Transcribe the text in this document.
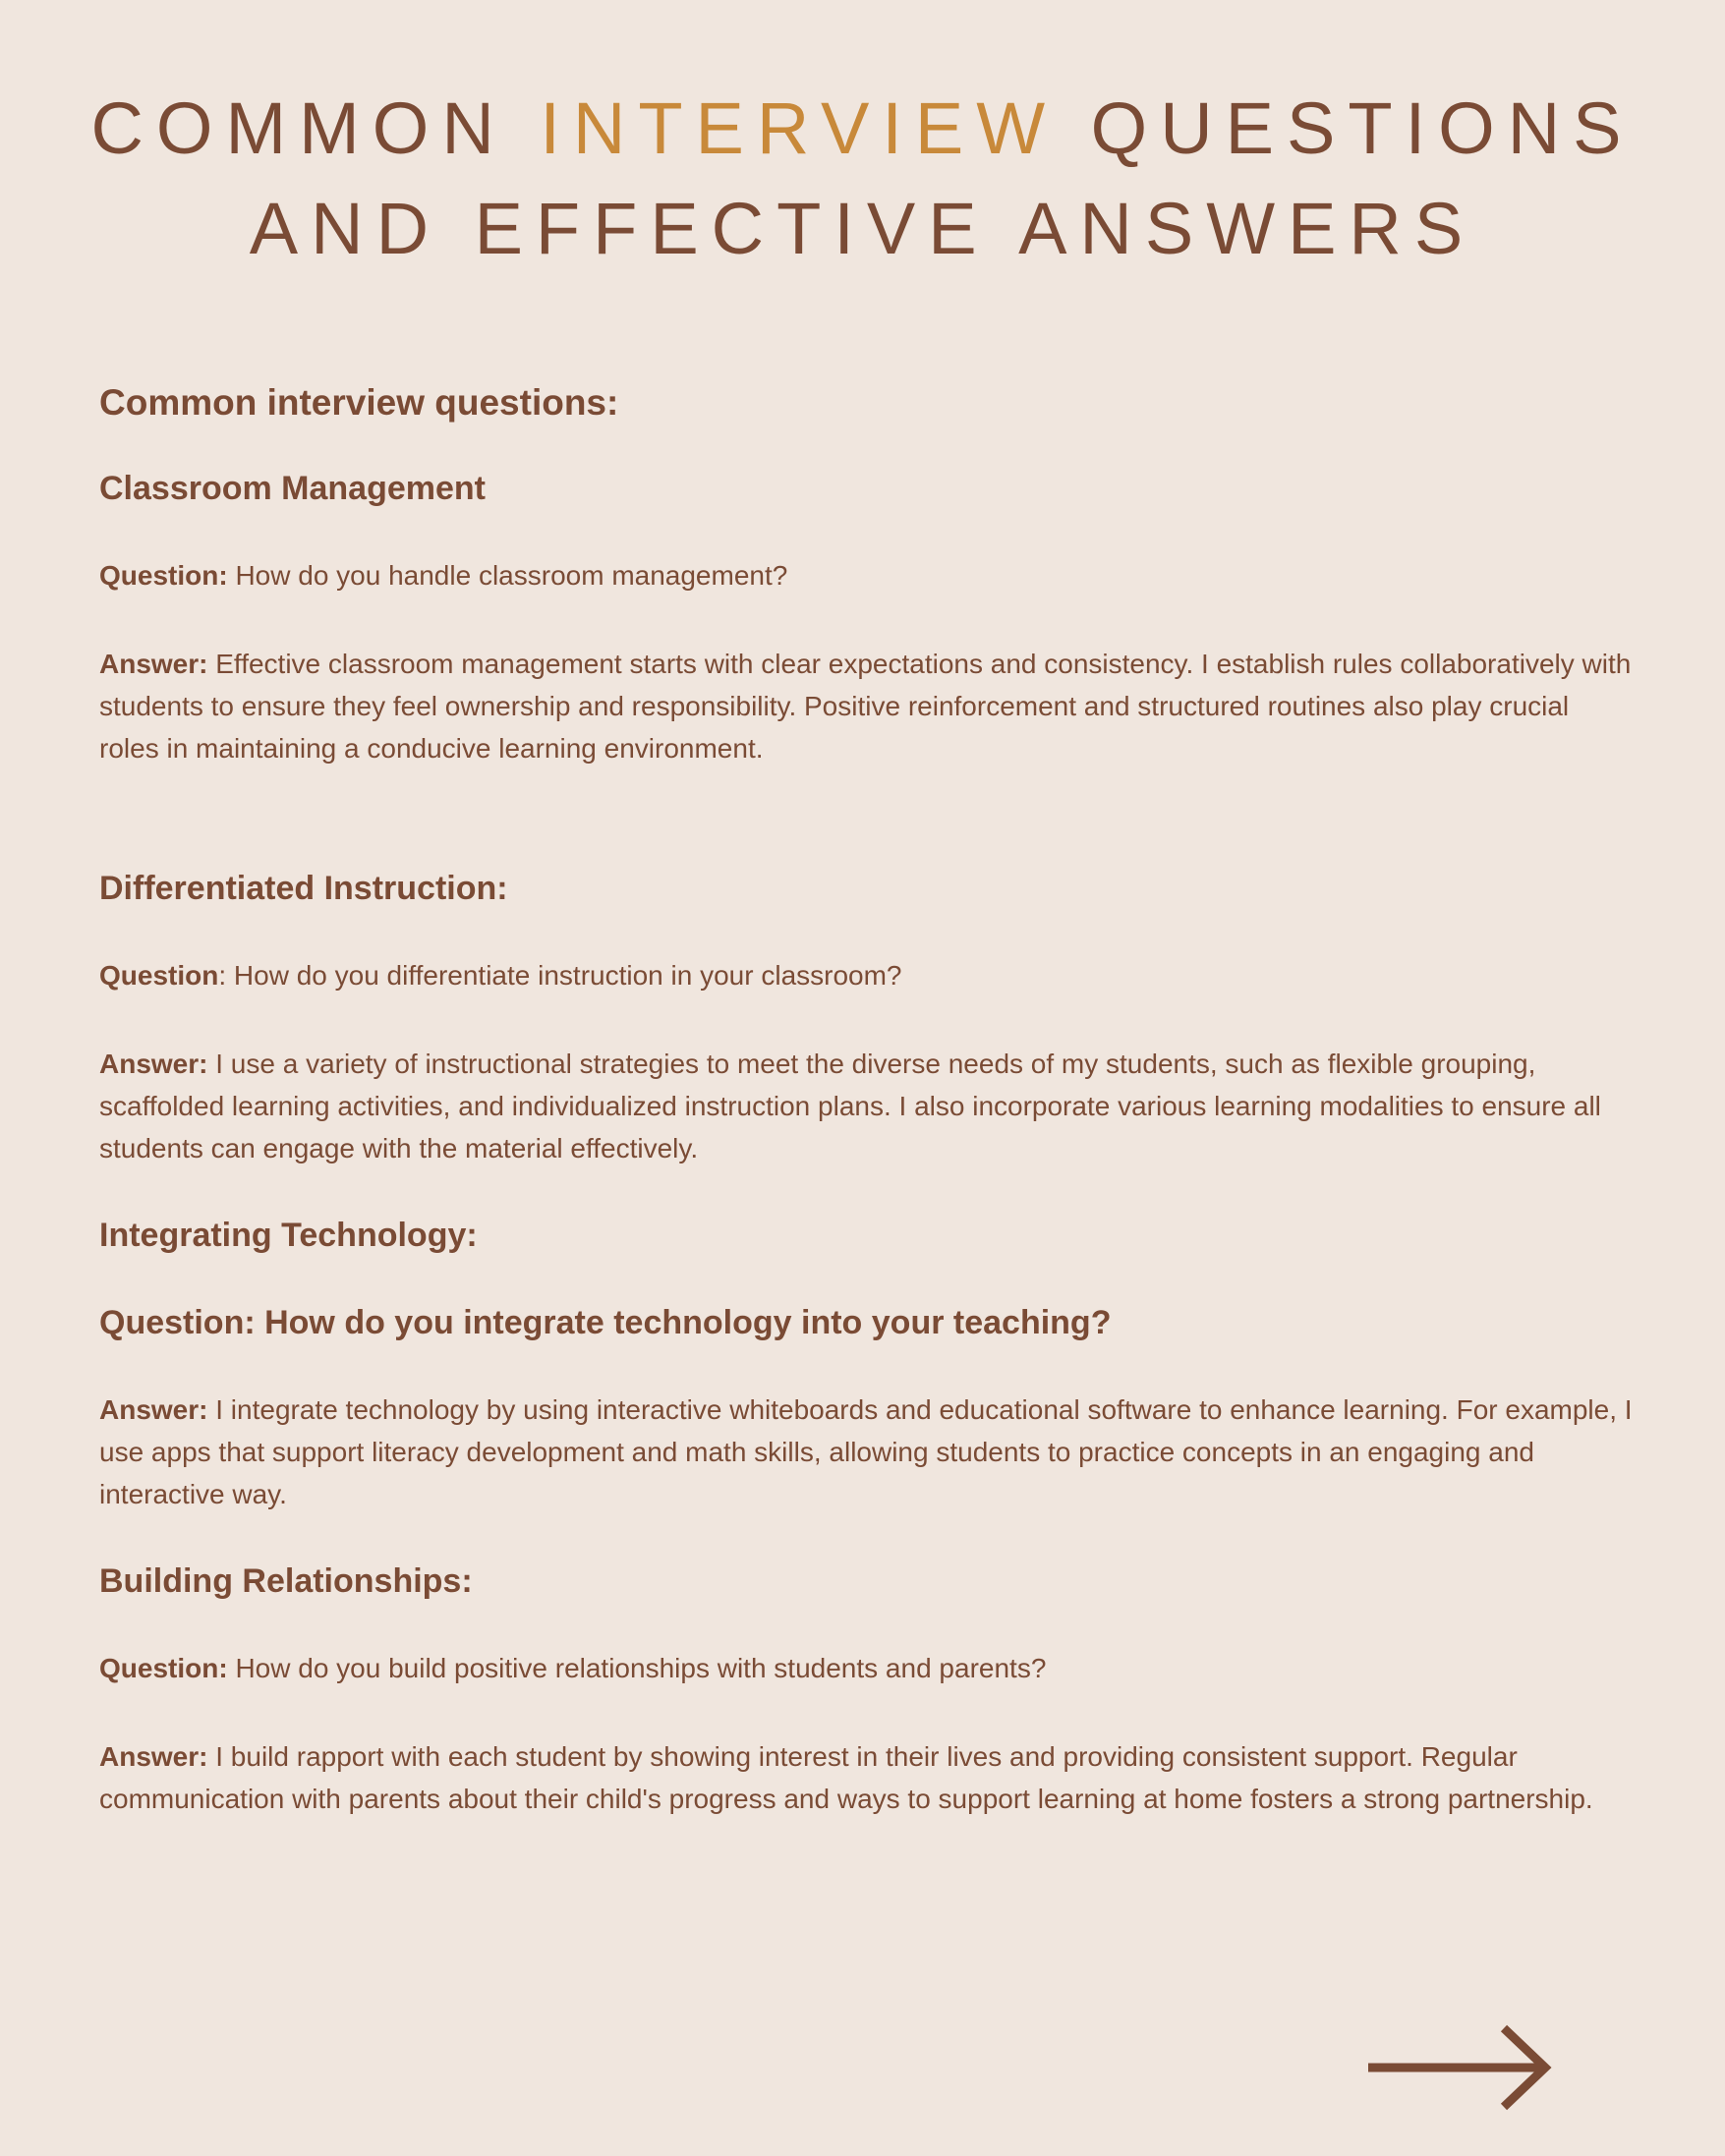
COMMON INTERVIEW QUESTIONS
AND EFFECTIVE ANSWERS
Common interview questions:
Classroom Management

Question: How do you handle classroom management?

Answer: Effective classroom management starts with clear expectations and consistency. I establish rules collaboratively with students to ensure they feel ownership and responsibility. Positive reinforcement and structured routines also play crucial roles in maintaining a conducive learning environment.

Differentiated Instruction:

Question: How do you differentiate instruction in your classroom?

Answer: I use a variety of instructional strategies to meet the diverse needs of my students, such as flexible grouping, scaffolded learning activities, and individualized instruction plans. I also incorporate various learning modalities to ensure all students can engage with the material effectively.

Integrating Technology:
Question: How do you integrate technology into your teaching?

Answer: I integrate technology by using interactive whiteboards and educational software to enhance learning. For example, I use apps that support literacy development and math skills, allowing students to practice concepts in an engaging and interactive way.

Building Relationships:

Question: How do you build positive relationships with students and parents?

Answer: I build rapport with each student by showing interest in their lives and providing consistent support. Regular communication with parents about their child's progress and ways to support learning at home fosters a strong partnership.
